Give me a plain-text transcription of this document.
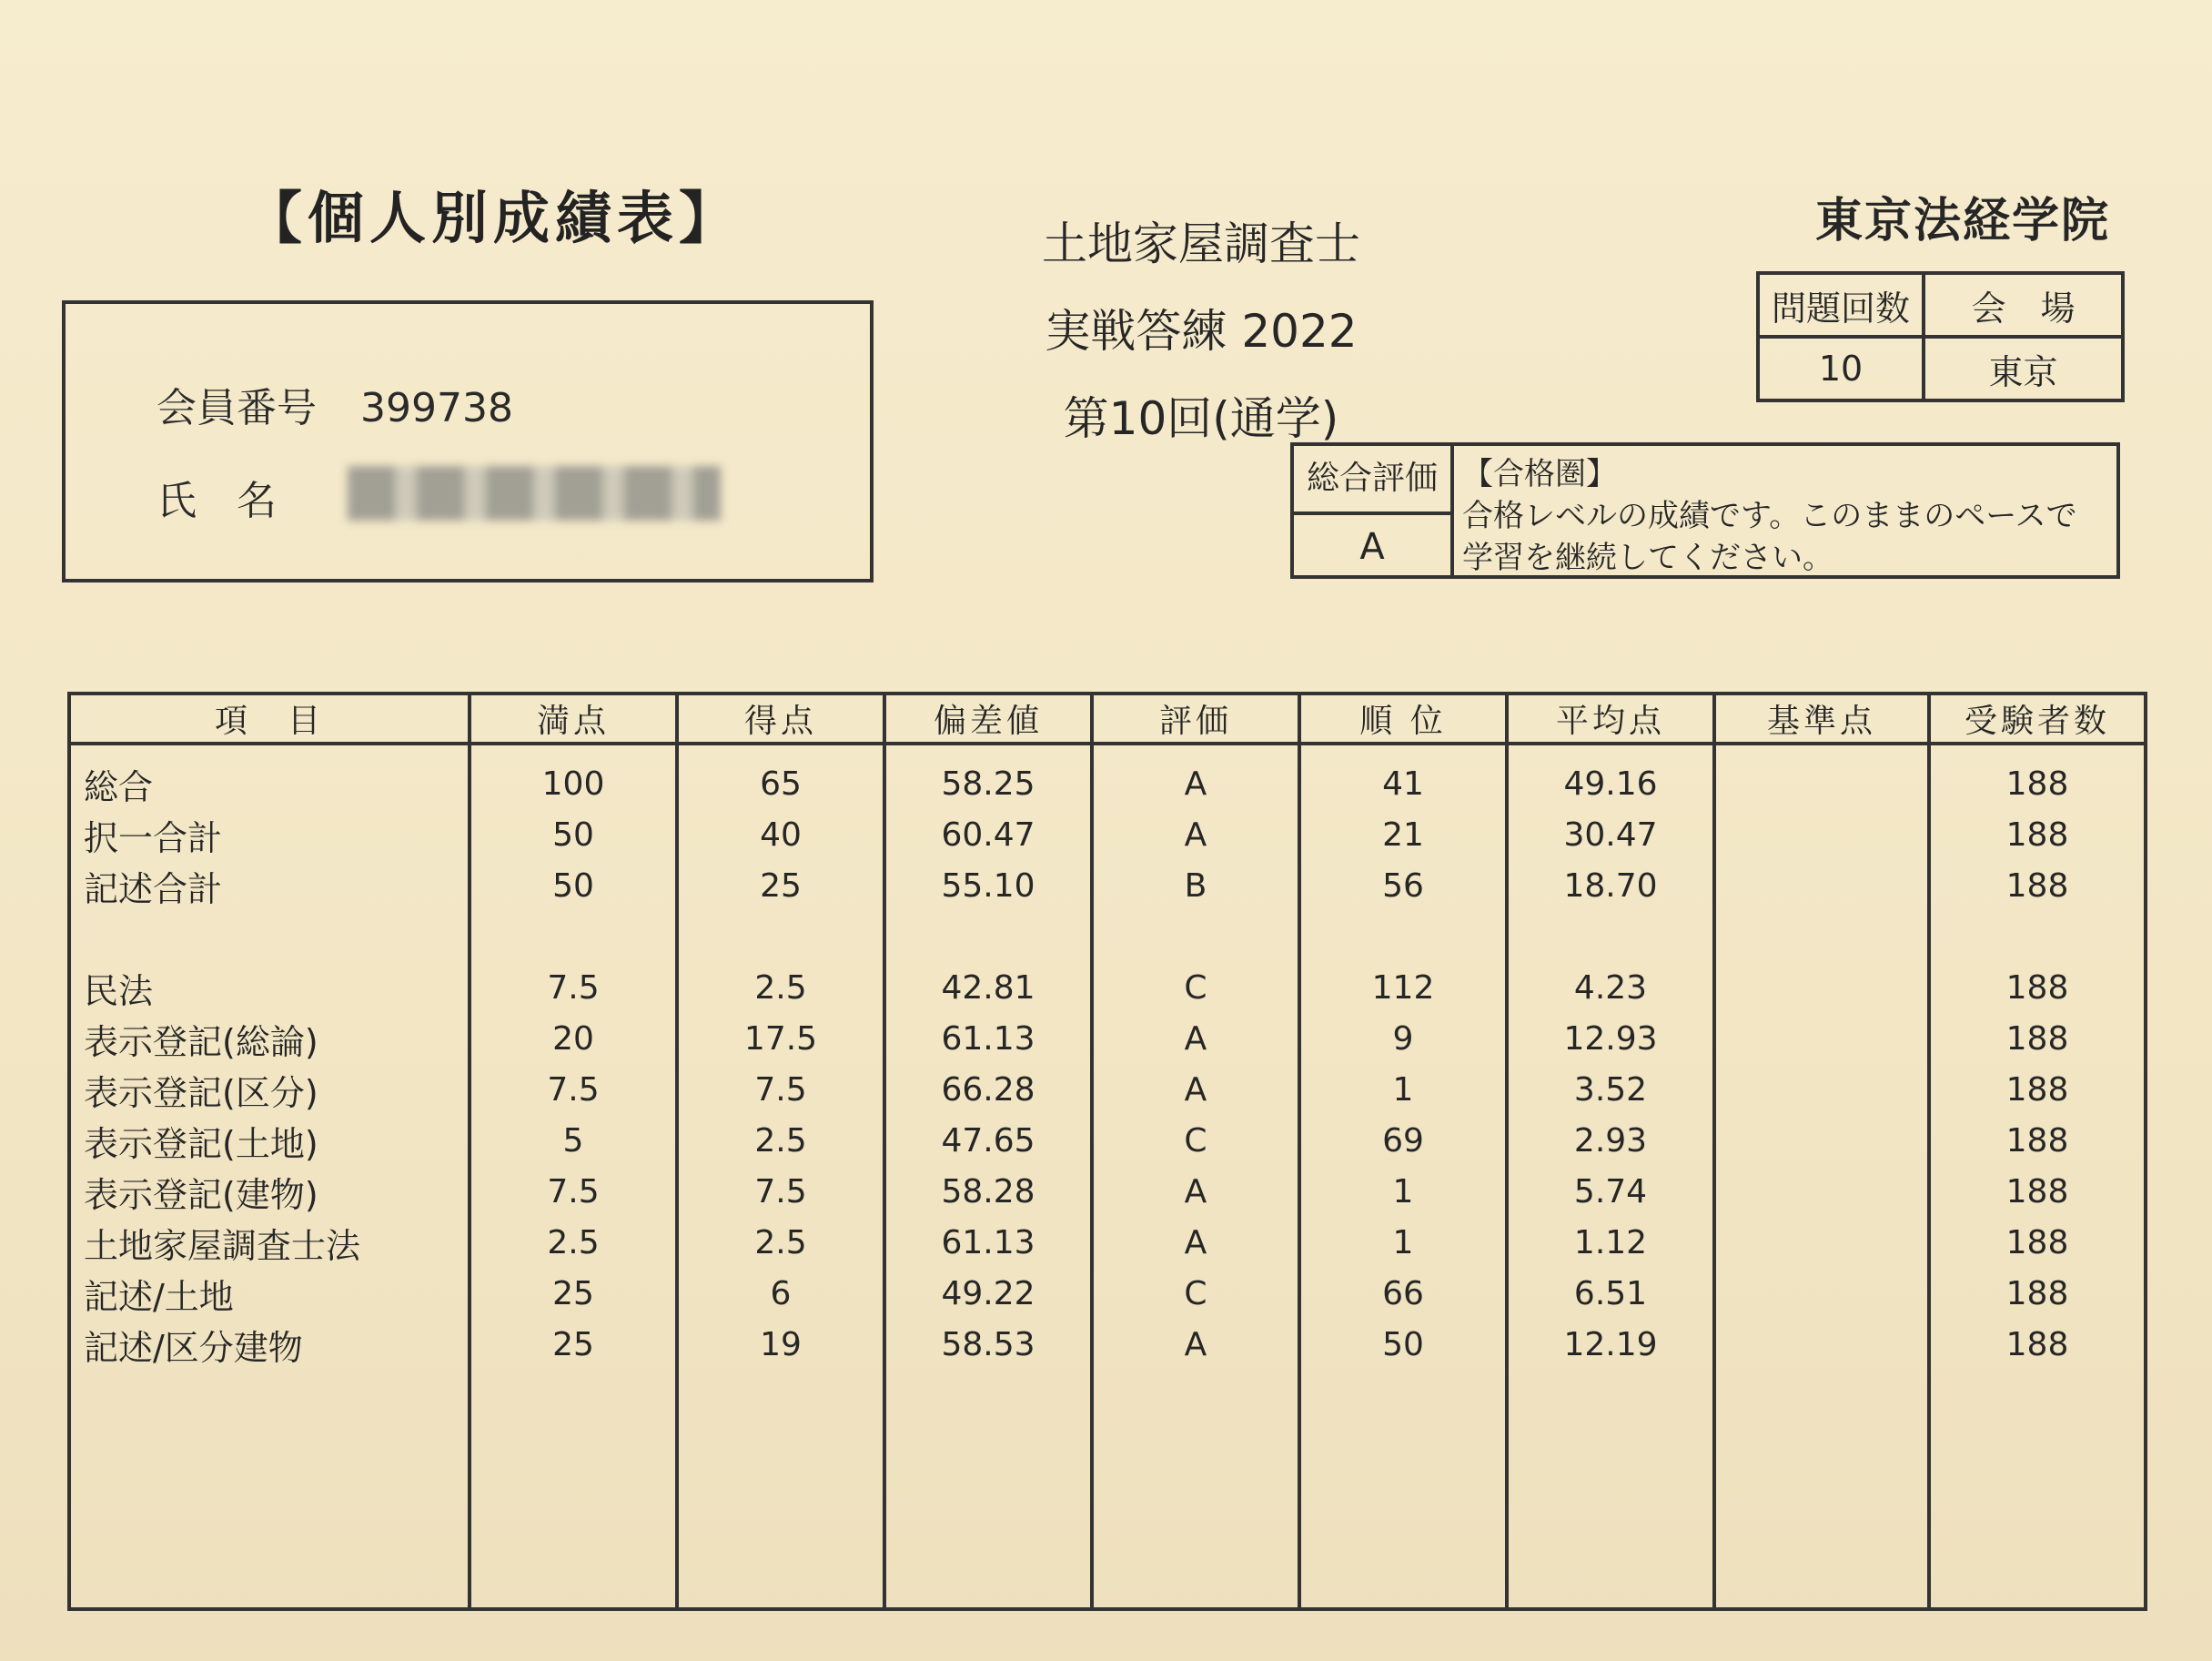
【個人別成績表】	土地家屋調査士
実戦答練 2022
第10回(通学)
東京法経学院
会員番号 399738
氏　名
問題回数	会　場
10	東京
総合評価
A
【合格圏】
合格レベルの成績です。このままのペースで学習を継続してください。
項　目	満点	得点	偏差値	評価	順 位	平均点	基準点	受験者数

総合	100	65	58.25	A	41	49.16		188
択一合計	50	40	60.47	A	21	30.47		188
記述合計	50	25	55.10	B	56	18.70		188

民法	7.5	2.5	42.81	C	112	4.23		188
表示登記(総論)	20	17.5	61.13	A	9	12.93		188
表示登記(区分)	7.5	7.5	66.28	A	1	3.52		188
表示登記(土地)	5	2.5	47.65	C	69	2.93		188
表示登記(建物)	7.5	7.5	58.28	A	1	5.74		188
土地家屋調査士法	2.5	2.5	61.13	A	1	1.12		188
記述/土地	25	6	49.22	C	66	6.51		188
記述/区分建物	25	19	58.53	A	50	12.19		188
